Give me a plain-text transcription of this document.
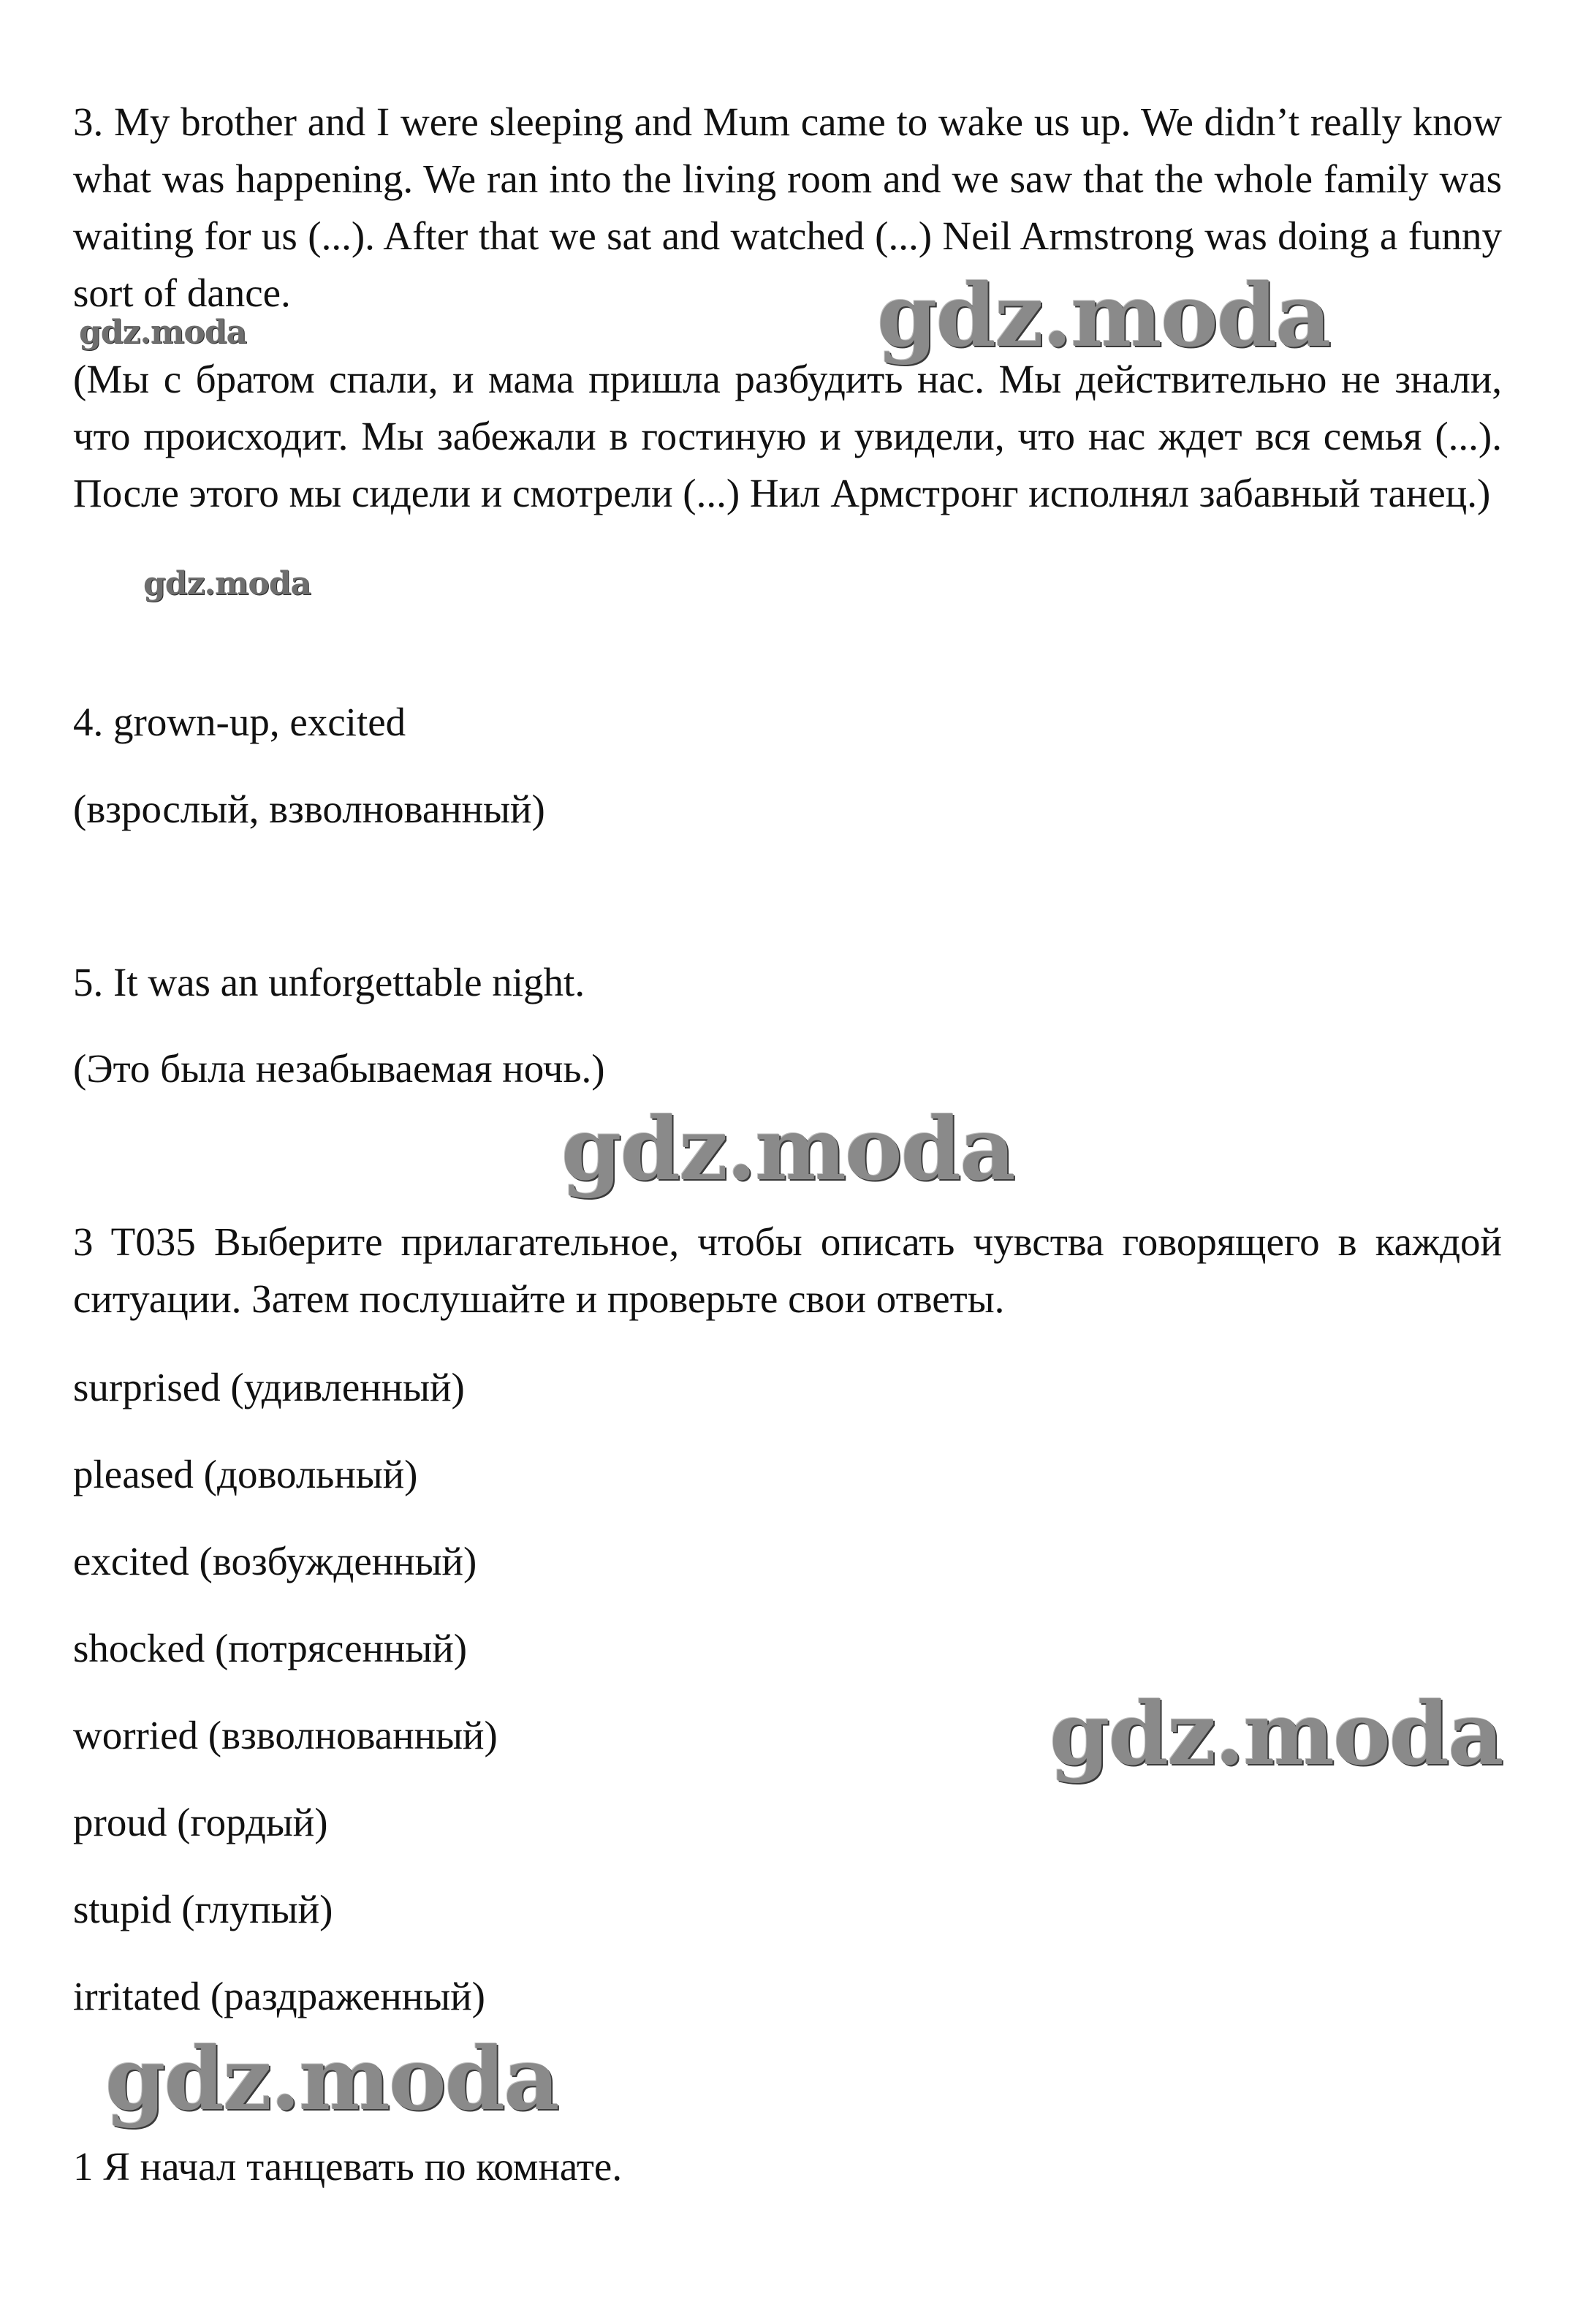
3. My brother and I were sleeping and Mum came to wake us up. We didn’t really know what was happening. We ran into the living room and we saw that the whole family was waiting for us (...). After that we sat and watched (...) Neil Armstrong was doing a funny sort of dance.

(Мы с братом спали, и мама пришла разбудить нас. Мы действительно не знали, что происходит. Мы забежали в гостиную и увидели, что нас ждет вся семья (...). После этого мы сидели и смотрели (...) Нил Армстронг исполнял забавный танец.)

4. grown-up, excited

(взрослый, взволнованный)

5. It was an unforgettable night.

(Это была незабываемая ночь.)

3 T035 Выберите прилагательное, чтобы описать чувства говорящего в каждой ситуации. Затем послушайте и проверьте свои ответы.

surprised (удивленный)

pleased (довольный)

excited (возбужденный)

shocked (потрясенный)

worried (взволнованный)

proud (гордый)

stupid (глупый)

irritated (раздраженный)

1 Я начал танцевать по комнате.

gdz.moda
gdz.moda
gdz.moda
gdz.moda
gdz.moda
gdz.moda
